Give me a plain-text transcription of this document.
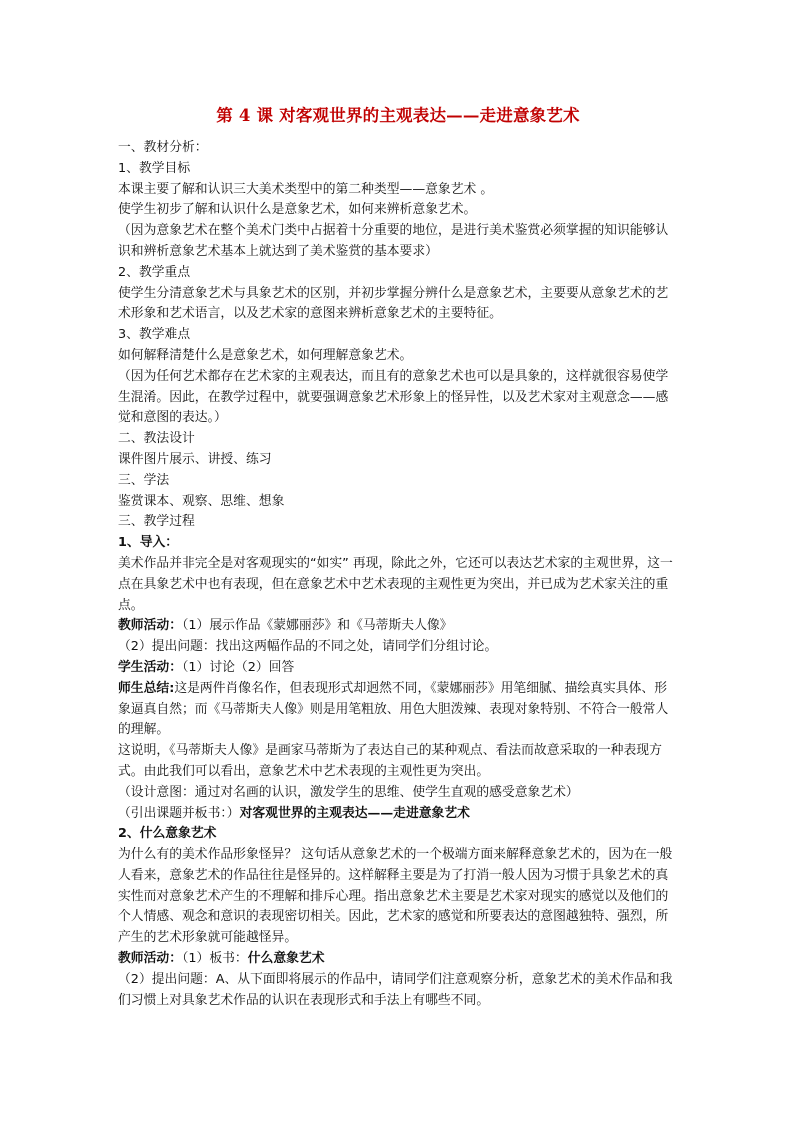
第 4 课 对客观世界的主观表达——走进意象艺术

一、教材分析：

1、教学目标

本课主要了解和认识三大美术类型中的第二种类型——意象艺术 。

使学生初步了解和认识什么是意象艺术，如何来辨析意象艺术。

（因为意象艺术在整个美术门类中占据着十分重要的地位，是进行美术鉴赏必须掌握的知识能够认识和辨析意象艺术基本上就达到了美术鉴赏的基本要求）

2、教学重点

使学生分清意象艺术与具象艺术的区别，并初步掌握分辨什么是意象艺术，主要要从意象艺术的艺术形象和艺术语言，以及艺术家的意图来辨析意象艺术的主要特征。

3、教学难点

如何解释清楚什么是意象艺术，如何理解意象艺术。

（因为任何艺术都存在艺术家的主观表达，而且有的意象艺术也可以是具象的，这样就很容易使学生混淆。因此，在教学过程中，就要强调意象艺术形象上的怪异性，以及艺术家对主观意念——感觉和意图的表达。）

二、教法设计

课件图片展示、讲授、练习

三、学法

鉴赏课本、观察、思维、想象

三、教学过程

1、导入：

美术作品并非完全是对客观现实的“如实” 再现，除此之外，它还可以表达艺术家的主观世界，这一点在具象艺术中也有表现，但在意象艺术中艺术表现的主观性更为突出，并已成为艺术家关注的重点。

教师活动：（1）展示作品《蒙娜丽莎》和《马蒂斯夫人像》

（2）提出问题：找出这两幅作品的不同之处，请同学们分组讨论。

学生活动：（1）讨论（2）回答

师生总结:这是两件肖像名作，但表现形式却迥然不同，《蒙娜丽莎》用笔细腻、描绘真实具体、形象逼真自然；而《马蒂斯夫人像》则是用笔粗放、用色大胆泼辣、表现对象特别、不符合一般常人的理解。

这说明，《马蒂斯夫人像》是画家马蒂斯为了表达自己的某种观点、看法而故意采取的一种表现方式。由此我们可以看出，意象艺术中艺术表现的主观性更为突出。

（设计意图：通过对名画的认识，激发学生的思维、使学生直观的感受意象艺术）

（引出课题并板书：）对客观世界的主观表达——走进意象艺术

2、什么意象艺术

为什么有的美术作品形象怪异？ 这句话从意象艺术的一个极端方面来解释意象艺术的，因为在一般人看来，意象艺术的作品往往是怪异的。这样解释主要是为了打消一般人因为习惯于具象艺术的真实性而对意象艺术产生的不理解和排斥心理。指出意象艺术主要是艺术家对现实的感觉以及他们的个人情感、观念和意识的表现密切相关。因此，艺术家的感觉和所要表达的意图越独特、强烈，所产生的艺术形象就可能越怪异。

教师活动：（1）板书：什么意象艺术

（2）提出问题：A、从下面即将展示的作品中，请同学们注意观察分析，意象艺术的美术作品和我们习惯上对具象艺术作品的认识在表现形式和手法上有哪些不同。
